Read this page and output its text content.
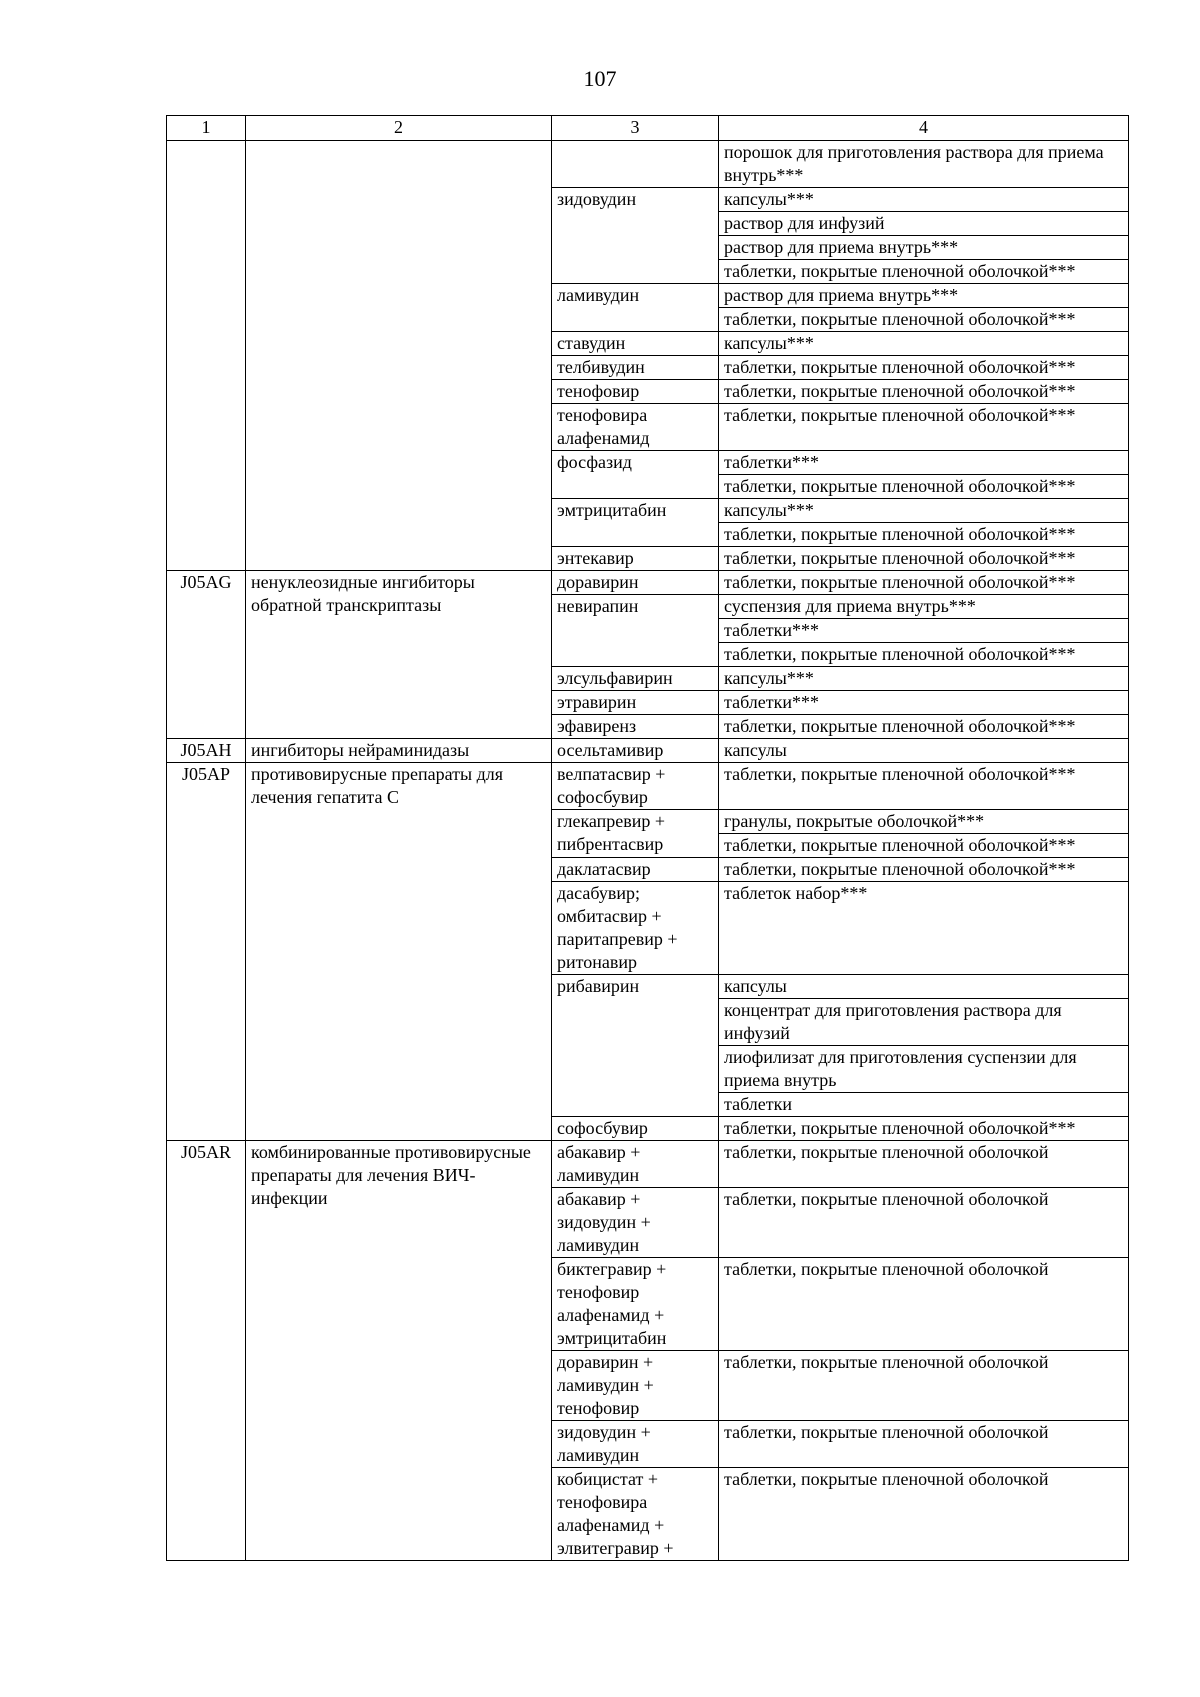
107
1	2	3	4
			порошок для приготовления раствора для приема внутрь***
		зидовудин	капсулы***
			раствор для инфузий
			раствор для приема внутрь***
			таблетки, покрытые пленочной оболочкой***
		ламивудин	раствор для приема внутрь***
			таблетки, покрытые пленочной оболочкой***
		ставудин	капсулы***
		телбивудин	таблетки, покрытые пленочной оболочкой***
		тенофовир	таблетки, покрытые пленочной оболочкой***
		тенофовира алафенамид	таблетки, покрытые пленочной оболочкой***
		фосфазид	таблетки***
			таблетки, покрытые пленочной оболочкой***
		эмтрицитабин	капсулы***
			таблетки, покрытые пленочной оболочкой***
		энтекавир	таблетки, покрытые пленочной оболочкой***
J05AG	ненуклеозидные ингибиторы обратной транскриптазы	доравирин	таблетки, покрытые пленочной оболочкой***
		невирапин	суспензия для приема внутрь***
			таблетки***
			таблетки, покрытые пленочной оболочкой***
		элсульфавирин	капсулы***
		этравирин	таблетки***
		эфавиренз	таблетки, покрытые пленочной оболочкой***
J05AH	ингибиторы нейраминидазы	осельтамивир	капсулы
J05AP	противовирусные препараты для лечения гепатита С	велпатасвир + софосбувир	таблетки, покрытые пленочной оболочкой***
		глекапревир + пибрентасвир	гранулы, покрытые оболочкой***
			таблетки, покрытые пленочной оболочкой***
		даклатасвир	таблетки, покрытые пленочной оболочкой***
		дасабувир; омбитасвир + паритапревир + ритонавир	таблеток набор***
		рибавирин	капсулы
			концентрат для приготовления раствора для инфузий
			лиофилизат для приготовления суспензии для приема внутрь
			таблетки
		софосбувир	таблетки, покрытые пленочной оболочкой***
J05AR	комбинированные противовирусные препараты для лечения ВИЧ-инфекции	абакавир + ламивудин	таблетки, покрытые пленочной оболочкой
		абакавир + зидовудин + ламивудин	таблетки, покрытые пленочной оболочкой
		биктегравир + тенофовир алафенамид + эмтрицитабин	таблетки, покрытые пленочной оболочкой
		доравирин + ламивудин + тенофовир	таблетки, покрытые пленочной оболочкой
		зидовудин + ламивудин	таблетки, покрытые пленочной оболочкой
		кобицистат + тенофовира алафенамид + элвитегравир +	таблетки, покрытые пленочной оболочкой
